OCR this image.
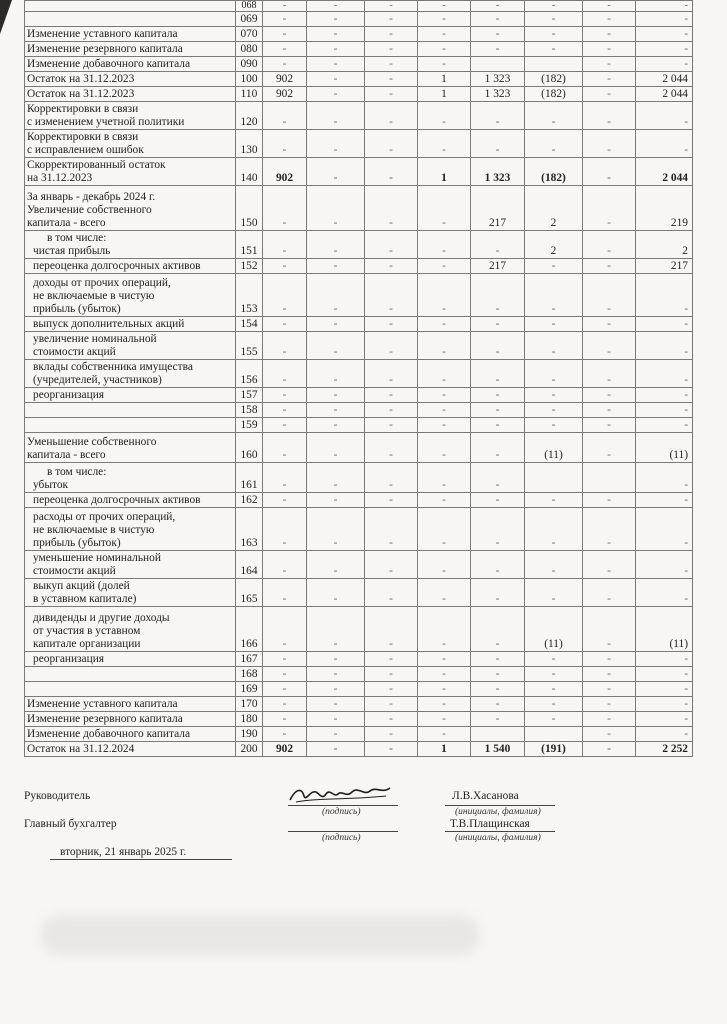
	068	-	-	-	-	-	-	-	-

	069	-	-	-	-	-	-	-	-

Изменение уставного капитала	070	-	-	-	-	-	-	-	-

Изменение резервного капитала	080	-	-	-	-	-	-	-	-

Изменение добавочного капитала	090	-	-	-	-			-	-

Остаток на 31.12.2023	100	902	-	-	1	1 323	(182)	-	2 044

Остаток на 31.12.2023	110	902	-	-	1	1 323	(182)	-	2 044

Корректировки в связи
с изменением учетной политики	120	-	-	-	-	-	-	-	-

Корректировки в связи
с исправлением ошибок	130	-	-	-	-	-	-	-	-

Скорректированный остаток
на 31.12.2023	140	902	-	-	1	1 323	(182)	-	2 044

За январь - декабрь 2024 г.
Увеличение собственного
капитала - всего	150	-	-	-	-	217	2	-	219

в том числе:
чистая прибыль	151	-	-	-	-	-	2	-	2

переоценка долгосрочных активов	152	-	-	-	-	217	-	-	217

доходы от прочих операций,
не включаемые в чистую
прибыль (убыток)	153	-	-	-	-	-	-	-	-

выпуск дополнительных акций	154	-	-	-	-	-	-	-	-

увеличение номинальной
стоимости акций	155	-	-	-	-	-	-	-	-

вклады собственника имущества
(учредителей, участников)	156	-	-	-	-	-	-	-	-

реорганизация	157	-	-	-	-	-	-	-	-

	158	-	-	-	-	-	-	-	-

	159	-	-	-	-	-	-	-	-

Уменьшение собственного
капитала - всего	160	-	-	-	-	-	(11)	-	(11)

в том числе:
убыток	161	-	-	-	-	-			-

переоценка долгосрочных активов	162	-	-	-	-	-	-	-	-

расходы от прочих операций,
не включаемые в чистую
прибыль (убыток)	163	-	-	-	-	-	-	-	-

уменьшение номинальной
стоимости акций	164	-	-	-	-	-	-	-	-

выкуп акций (долей
в уставном капитале)	165	-	-	-	-	-	-	-	-

дивиденды и другие доходы
от участия в уставном
капитале организации	166	-	-	-	-	-	(11)	-	(11)

реорганизация	167	-	-	-	-	-	-	-	-

	168	-	-	-	-	-	-	-	-

	169	-	-	-	-	-	-	-	-

Изменение уставного капитала	170	-	-	-	-	-	-	-	-

Изменение резервного капитала	180	-	-	-	-	-	-	-	-

Изменение добавочного капитала	190	-	-	-	-			-	-

Остаток на 31.12.2024	200	902	-	-	1	1 540	(191)	-	2 252
Руководитель
(подпись)
Л.В.Хасанова
(инициалы, фамилия)
Главный бухгалтер
(подпись)
Т.В.Плащинская
(инициалы, фамилия)
вторник, 21 январь 2025 г.
